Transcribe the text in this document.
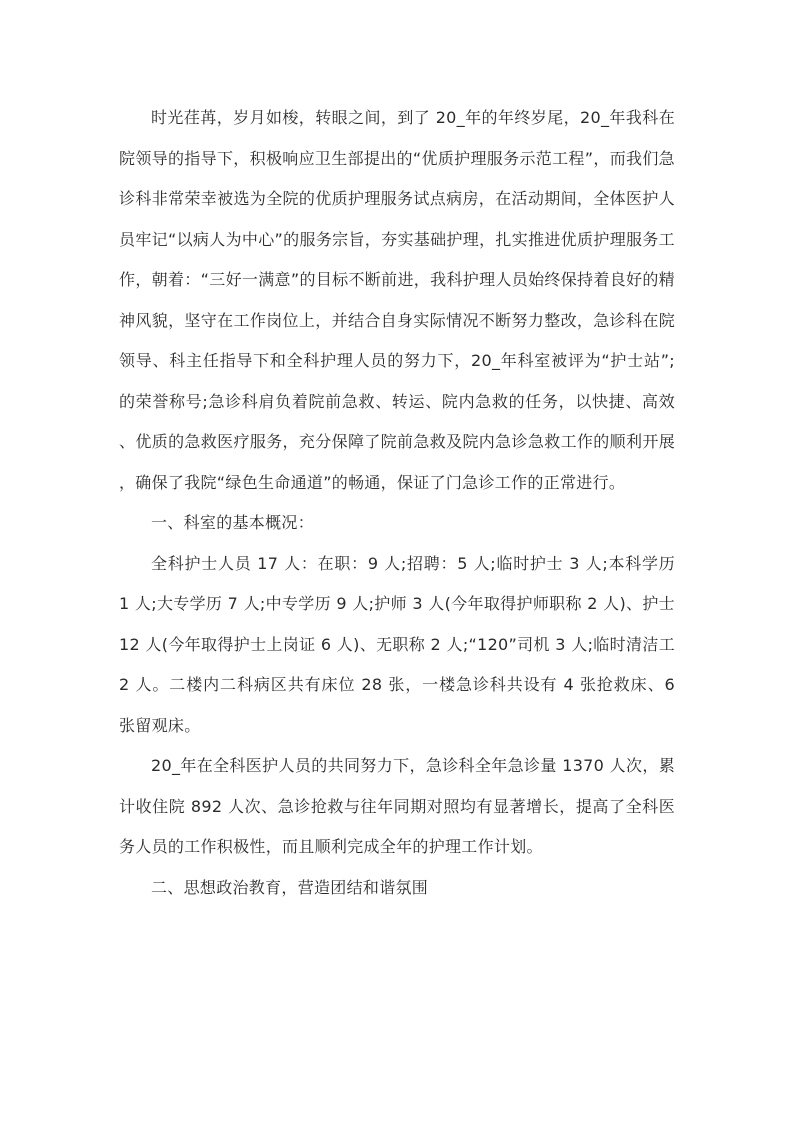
时光荏苒，岁月如梭，转眼之间，到了 20_年的年终岁尾，20_年我科在院领导的指导下，积极响应卫生部提出的“优质护理服务示范工程”，而我们急诊科非常荣幸被选为全院的优质护理服务试点病房，在活动期间，全体医护人员牢记“以病人为中心”的服务宗旨，夯实基础护理，扎实推进优质护理服务工作，朝着：“三好一满意”的目标不断前进，我科护理人员始终保持着良好的精神风貌，坚守在工作岗位上，并结合自身实际情况不断努力整改，急诊科在院领导、科主任指导下和全科护理人员的努力下，20_年科室被评为“护士站”;的荣誉称号;急诊科肩负着院前急救、转运、院内急救的任务，以快捷、高效、优质的急救医疗服务，充分保障了院前急救及院内急诊急救工作的顺利开展，确保了我院“绿色生命通道”的畅通，保证了门急诊工作的正常进行。

一、科室的基本概况：

全科护士人员 17 人：在职：9 人;招聘：5 人;临时护士 3 人;本科学历 1 人;大专学历 7 人;中专学历 9 人;护师 3 人(今年取得护师职称 2 人)、护士 12 人(今年取得护士上岗证 6 人)、无职称 2 人;“120”司机 3 人;临时清洁工 2 人。二楼内二科病区共有床位 28 张，一楼急诊科共设有 4 张抢救床、6 张留观床。

20_年在全科医护人员的共同努力下，急诊科全年急诊量 1370 人次，累计收住院 892 人次、急诊抢救与往年同期对照均有显著增长，提高了全科医务人员的工作积极性，而且顺利完成全年的护理工作计划。

二、思想政治教育，营造团结和谐氛围
